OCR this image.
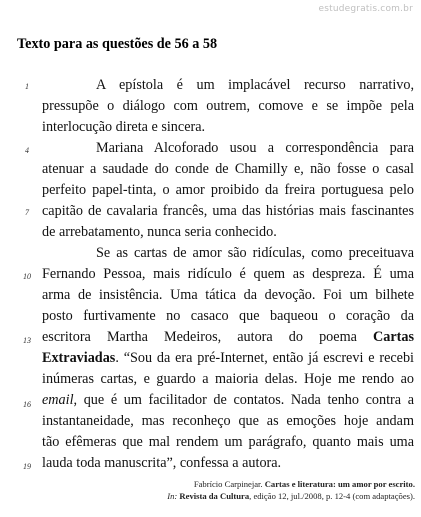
estudegratis.com.br
Texto para as questões de 56 a 58
1
4
7
10
13
16
19
A epístola é um implacável recurso narrativo,
pressupõe o diálogo com outrem, comove e se impõe pela
interlocução direta e sincera.
Mariana Alcoforado usou a correspondência para
atenuar a saudade do conde de Chamilly e, não fosse o casal
perfeito papel-tinta, o amor proibido da freira portuguesa pelo
capitão de cavalaria francês, uma das histórias mais fascinantes
de arrebatamento, nunca seria conhecido.
Se as cartas de amor são ridículas, como preceituava
Fernando Pessoa, mais ridículo é quem as despreza. É uma
arma de insistência. Uma tática da devoção. Foi um bilhete
posto furtivamente no casaco que baqueou o coração da
escritora Martha Medeiros, autora do poema Cartas
Extraviadas. “Sou da era pré-Internet, então já escrevi e recebi
inúmeras cartas, e guardo a maioria delas. Hoje me rendo ao
email, que é um facilitador de contatos. Nada tenho contra a
instantaneidade, mas reconheço que as emoções hoje andam
tão efêmeras que mal rendem um parágrafo, quanto mais uma
lauda toda manuscrita”, confessa a autora.
Fabrício Carpinejar. Cartas e literatura: um amor por escrito.
In: Revista da Cultura, edição 12, jul./2008, p. 12-4 (com adaptações).
